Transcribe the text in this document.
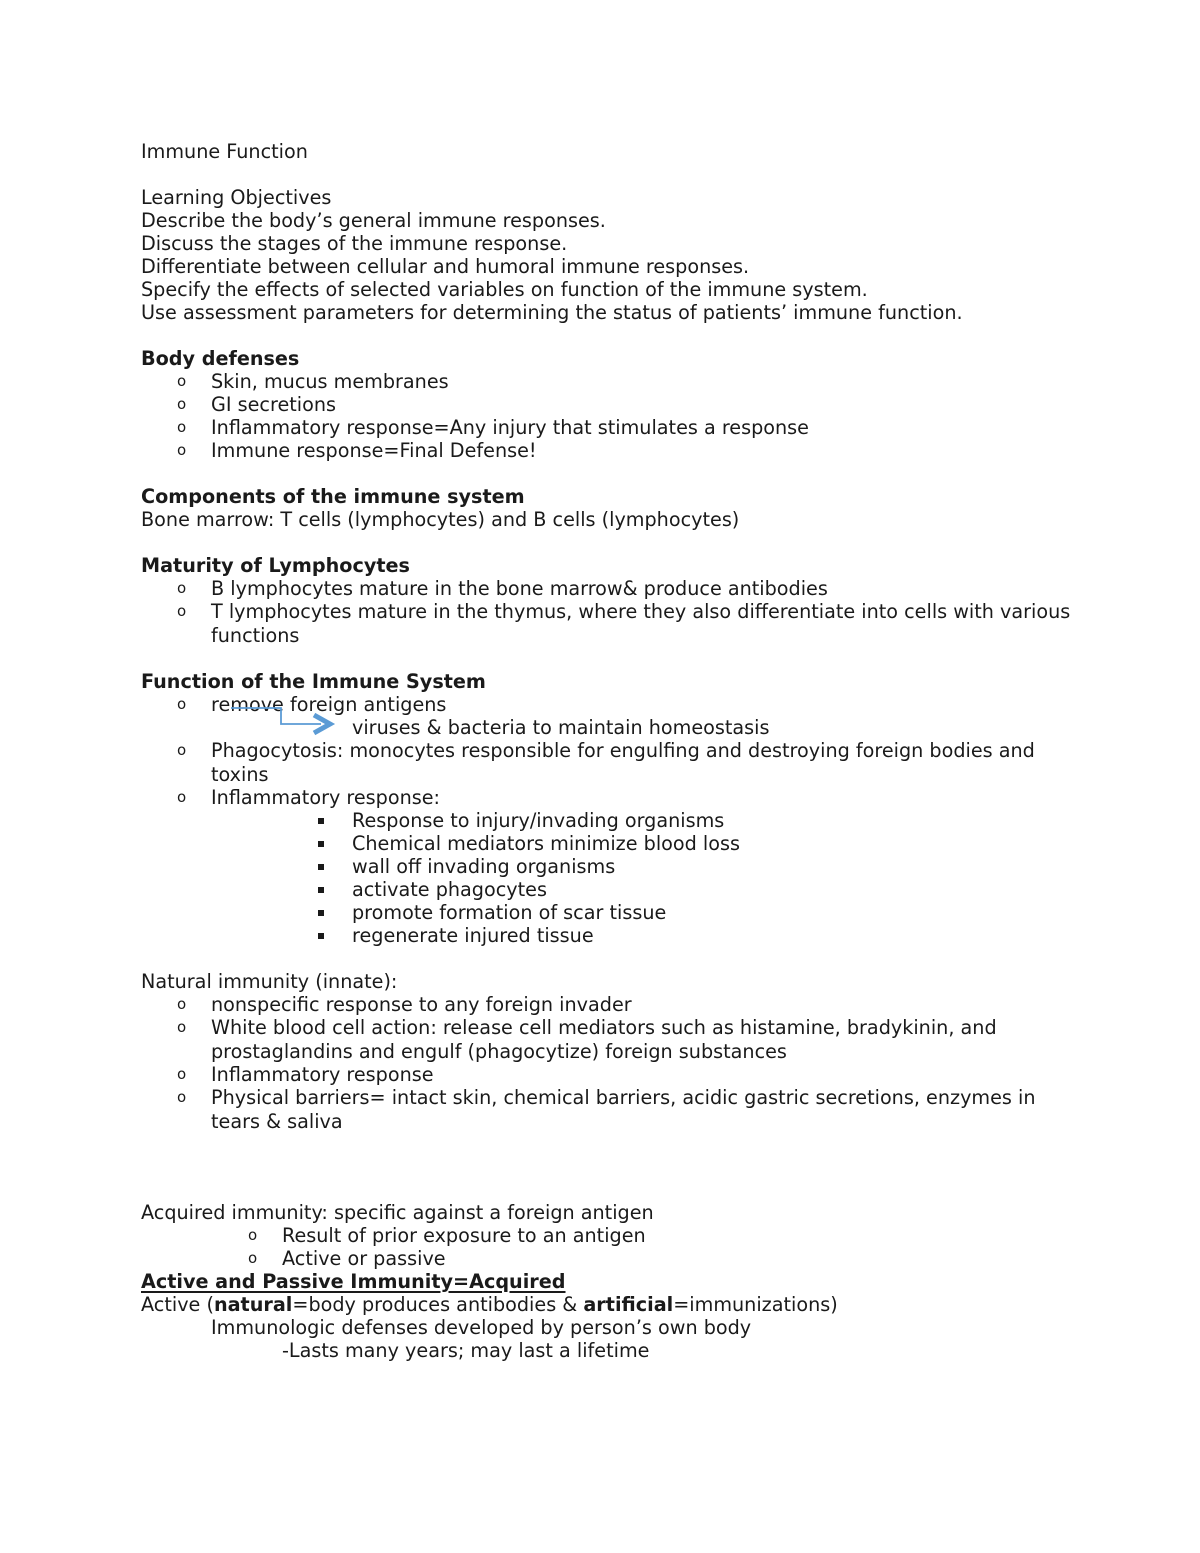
Immune Function
Learning Objectives
Describe the body’s general immune responses.
Discuss the stages of the immune response.
Differentiate between cellular and humoral immune responses.
Specify the effects of selected variables on function of the immune system.
Use assessment parameters for determining the status of patients’ immune function.
Body defenses
o Skin, mucus membranes
o GI secretions
o Inflammatory response=Any injury that stimulates a response
o Immune response=Final Defense!
Components of the immune system
Bone marrow: T cells (lymphocytes) and B cells (lymphocytes)
Maturity of Lymphocytes
o B lymphocytes mature in the bone marrow& produce antibodies
o T lymphocytes mature in the thymus, where they also differentiate into cells with various functions
Function of the Immune System
o remove foreign antigens
viruses & bacteria to maintain homeostasis
o Phagocytosis: monocytes responsible for engulfing and destroying foreign bodies and toxins
o Inflammatory response:
Response to injury/invading organisms
Chemical mediators minimize blood loss
wall off invading organisms
activate phagocytes
promote formation of scar tissue
regenerate injured tissue
Natural immunity (innate):
o nonspecific response to any foreign invader
o White blood cell action: release cell mediators such as histamine, bradykinin, and prostaglandins and engulf (phagocytize) foreign substances
o Inflammatory response
o Physical barriers= intact skin, chemical barriers, acidic gastric secretions, enzymes in tears & saliva
Acquired immunity: specific against a foreign antigen
o Result of prior exposure to an antigen
o Active or passive
Active and Passive Immunity=Acquired
Active (natural=body produces antibodies & artificial=immunizations)
Immunologic defenses developed by person’s own body
-Lasts many years; may last a lifetime
